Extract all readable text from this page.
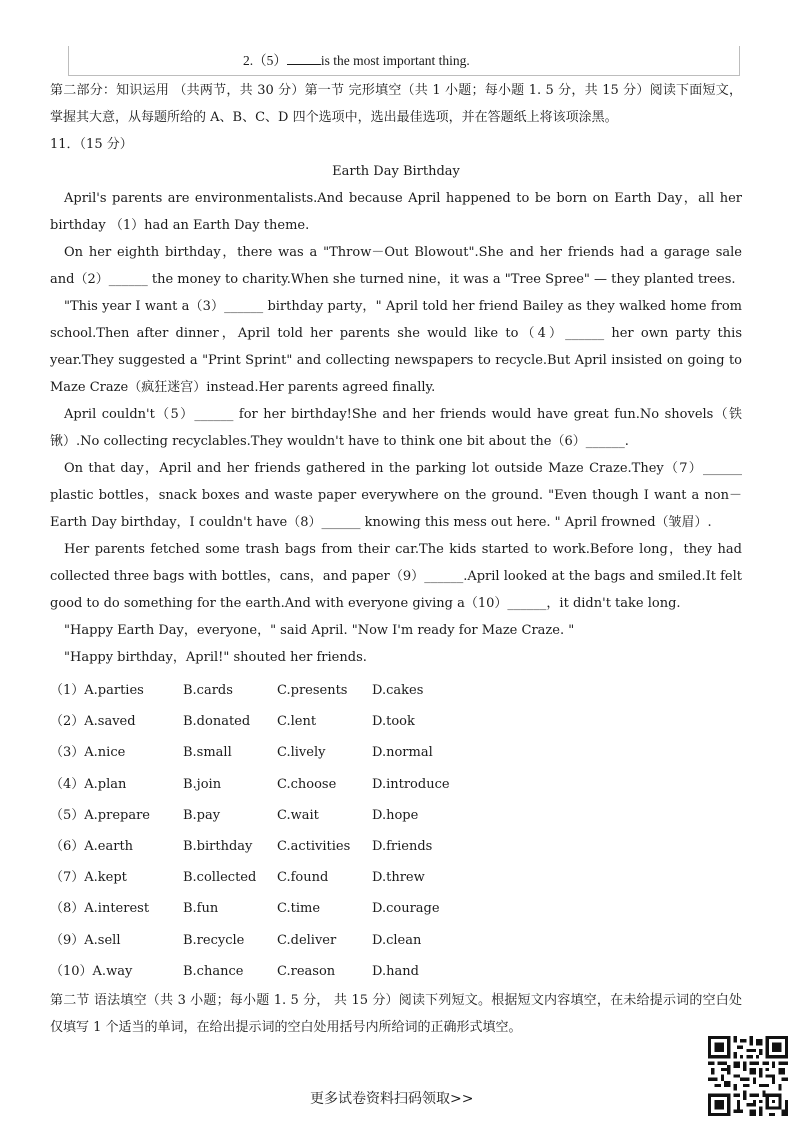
2.（5）	is the most important thing.

第二部分：知识运用 （共两节，共 30 分）第一节 完形填空（共 1 小题；每小题 1. 5 分，共 15 分）阅读下面短文，掌握其大意，从每题所给的 A、B、C、D 四个选项中，选出最佳选项，并在答题纸上将该项涂黑。

11．（15 分）

Earth Day Birthday

April's parents are environmentalists.And because April happened to be born on Earth Day，all her birthday （1）had an Earth Day theme.

On her eighth birthday，there was a "Throw－Out Blowout".She and her friends had a garage sale and（2）______ the money to charity.When she turned nine，it was a "Tree Spree" — they planted trees.

"This year I want a（3）______ birthday party，" April told her friend Bailey as they walked home from school.Then after dinner，April told her parents she would like to（4）______ her own party this year.They suggested a "Print Sprint" and collecting newspapers to recycle.But April insisted on going to Maze Craze（疯狂迷宫）instead.Her parents agreed finally.

April couldn't（5）______ for her birthday!She and her friends would have great fun.No shovels（铁锹）.No collecting recyclables.They wouldn't have to think one bit about the（6）______.

On that day，April and her friends gathered in the parking lot outside Maze Craze.They（7）______ plastic bottles，snack boxes and waste paper everywhere on the ground. "Even though I want a non－Earth Day birthday，I couldn't have（8）______ knowing this mess out here. " April frowned（皱眉）.

Her parents fetched some trash bags from their car.The kids started to work.Before long，they had collected three bags with bottles，cans，and paper（9）______.April looked at the bags and smiled.It felt good to do something for the earth.And with everyone giving a（10）______，it didn't take long.

"Happy Earth Day，everyone，" said April. "Now I'm ready for Maze Craze. "

"Happy birthday，April!" shouted her friends.

（1）A.parties	B.cards	C.presents	D.cakes
（2）A.saved	B.donated	C.lent	D.took
（3）A.nice	B.small	C.lively	D.normal
（4）A.plan	B.join	C.choose	D.introduce
（5）A.prepare	B.pay	C.wait	D.hope
（6）A.earth	B.birthday	C.activities	D.friends
（7）A.kept	B.collected	C.found	D.threw
（8）A.interest	B.fun	C.time	D.courage
（9）A.sell	B.recycle	C.deliver	D.clean
（10）A.way	B.chance	C.reason	D.hand

第二节 语法填空（共 3 小题；每小题 1. 5 分， 共 15 分）阅读下列短文。根据短文内容填空，在未给提示词的空白处仅填写 1 个适当的单词，在给出提示词的空白处用括号内所给词的正确形式填空。

更多试卷资料扫码领取>>
